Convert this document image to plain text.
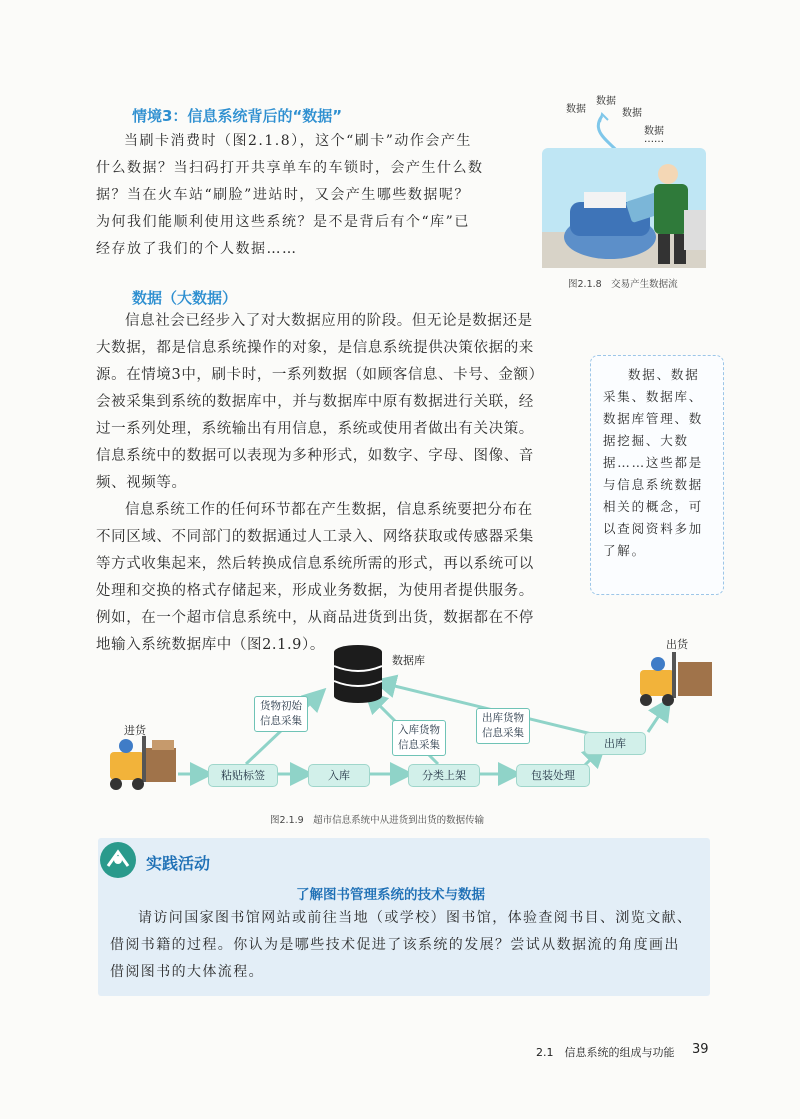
情境3：信息系统背后的“数据”
当刷卡消费时（图2.1.8），这个“刷卡”动作会产生
什么数据？当扫码打开共享单车的车锁时，会产生什么数
据？当在火车站“刷脸”进站时，又会产生哪些数据呢？
为何我们能顺利使用这些系统？是不是背后有个“库”已
经存放了我们的个人数据……
数据
数据
数据
数据
……
图2.1.8　交易产生数据流
数据（大数据）
信息社会已经步入了对大数据应用的阶段。但无论是数据还是
大数据，都是信息系统操作的对象，是信息系统提供决策依据的来
源。在情境3中，刷卡时，一系列数据（如顾客信息、卡号、金额）
会被采集到系统的数据库中，并与数据库中原有数据进行关联，经
过一系列处理，系统输出有用信息，系统或使用者做出有关决策。
信息系统中的数据可以表现为多种形式，如数字、字母、图像、音
频、视频等。
信息系统工作的任何环节都在产生数据，信息系统要把分布在
不同区域、不同部门的数据通过人工录入、网络获取或传感器采集
等方式收集起来，然后转换成信息系统所需的形式，再以系统可以
处理和交换的格式存储起来，形成业务数据，为使用者提供服务。
例如，在一个超市信息系统中，从商品进货到出货，数据都在不停
地输入系统数据库中（图2.1.9）。
数据、数据
采集、数据库、
数据库管理、数
据挖掘、大数
据……这些都是
与信息系统数据
相关的概念，可
以查阅资料多加
了解。
数据库
进货
出货
粘贴标签	入库	分类上架	包装处理
出库
货物初始
信息采集
入库货物
信息采集
出库货物
信息采集
图2.1.9　超市信息系统中从进货到出货的数据传输
实践活动
了解图书管理系统的技术与数据
请访问国家图书馆网站或前往当地（或学校）图书馆，体验查阅书目、浏览文献、
借阅书籍的过程。你认为是哪些技术促进了该系统的发展？尝试从数据流的角度画出
借阅图书的大体流程。
2.1　信息系统的组成与功能 39
